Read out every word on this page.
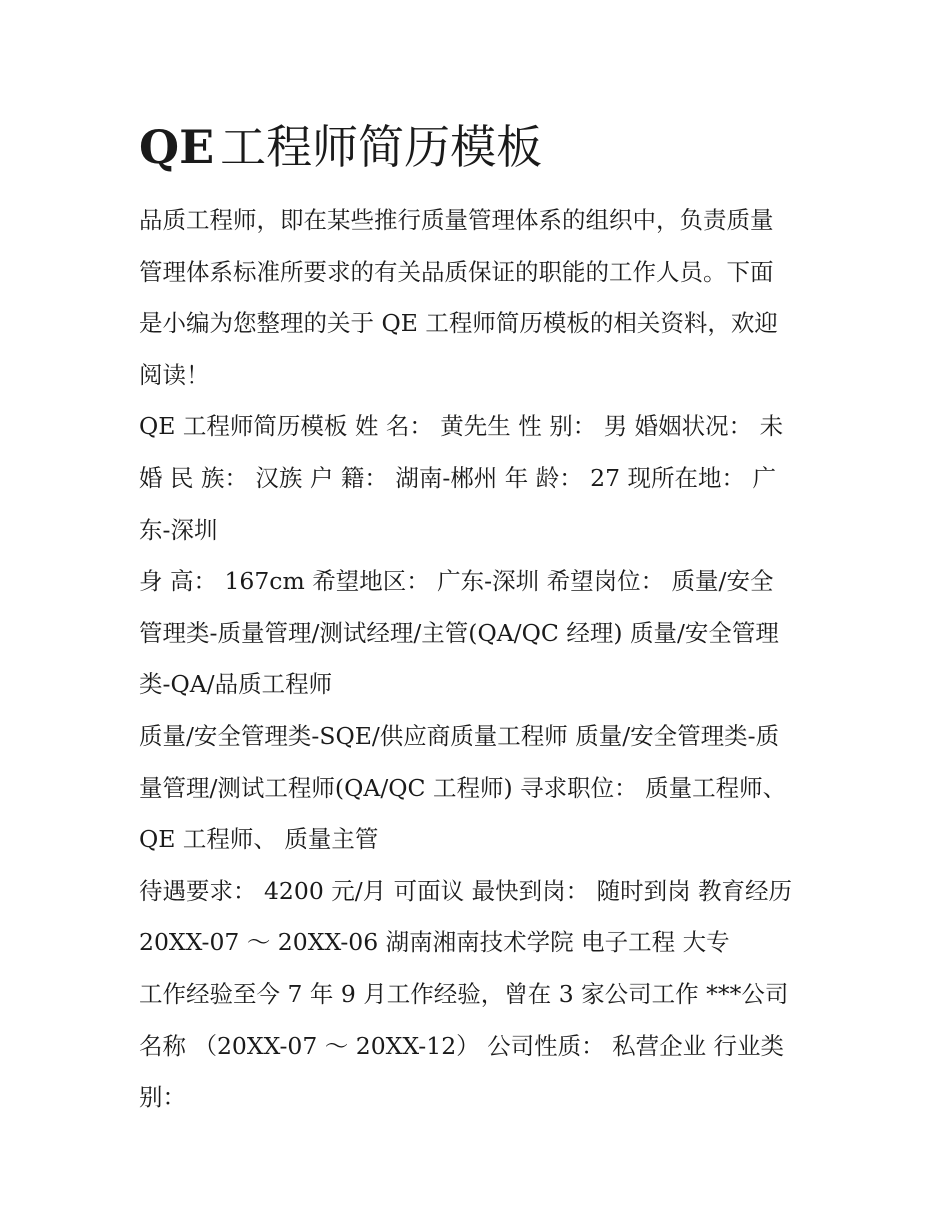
QE 工程师简历模板
品质工程师，即在某些推行质量管理体系的组织中，负责质量
管理体系标准所要求的有关品质保证的职能的工作人员。下面
是小编为您整理的关于 QE 工程师简历模板的相关资料，欢迎
阅读！
QE 工程师简历模板 姓 名： 黄先生 性 别： 男 婚姻状况： 未
婚 民 族： 汉族 户 籍： 湖南-郴州 年 龄： 27 现所在地： 广
东-深圳
身 高： 167cm 希望地区： 广东-深圳 希望岗位： 质量/安全
管理类-质量管理/测试经理/主管(QA/QC 经理) 质量/安全管理
类-QA/品质工程师
质量/安全管理类-SQE/供应商质量工程师 质量/安全管理类-质
量管理/测试工程师(QA/QC 工程师) 寻求职位： 质量工程师、
QE 工程师、 质量主管
待遇要求： 4200 元/月 可面议 最快到岗： 随时到岗 教育经历
20XX-07 ～ 20XX-06 湖南湘南技术学院 电子工程 大专
工作经验至今 7 年 9 月工作经验，曾在 3 家公司工作 ***公司
名称 （20XX-07 ～ 20XX-12） 公司性质： 私营企业 行业类
别：
